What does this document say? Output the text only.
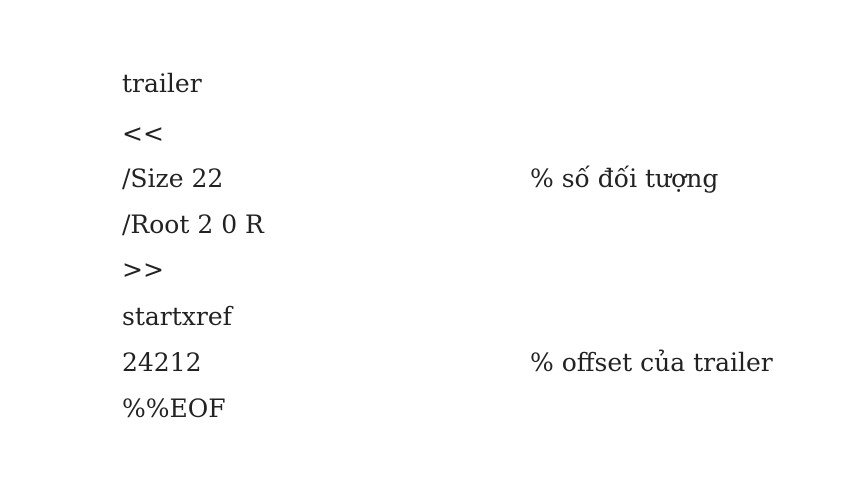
trailer
<<
/Size 22	% số đối tượng
/Root 2 0 R
>>
startxref
24212	% offset của trailer
%%EOF
